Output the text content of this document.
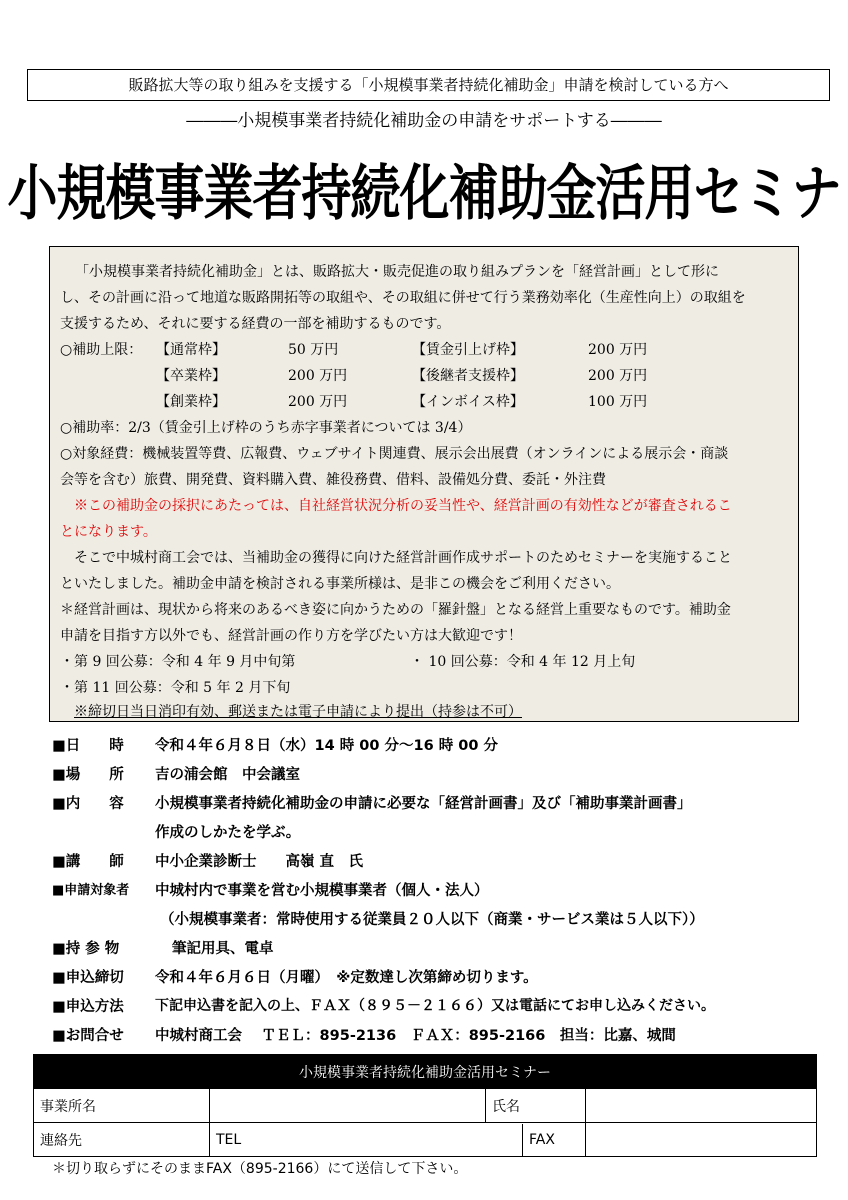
販路拡大等の取り組みを支援する「小規模事業者持続化補助金」申請を検討している方へ
―――小規模事業者持続化補助金の申請をサポートする―――
小規模事業者持続化補助金活用セミナ
　「小規模事業者持続化補助金」とは、販路拡大・販売促進の取り組みプランを「経営計画」として形に
し、その計画に沿って地道な販路開拓等の取組や、その取組に併せて行う業務効率化（生産性向上）の取組を
支援するため、それに要する経費の一部を補助するものです。
○補助上限： 【通常枠】	50 万円	【賃金引上げ枠】	200 万円
【卒業枠】	200 万円	【後継者支援枠】	200 万円
【創業枠】	200 万円	【インボイス枠】	100 万円
○補助率：2/3（賃金引上げ枠のうち赤字事業者については 3/4）
○対象経費：機械装置等費、広報費、ウェブサイト関連費、展示会出展費（オンラインによる展示会・商談
会等を含む）旅費、開発費、資料購入費、雑役務費、借料、設備処分費、委託・外注費
　※この補助金の採択にあたっては、自社経営状況分析の妥当性や、経営計画の有効性などが審査されるこ
とになります。
　そこで中城村商工会では、当補助金の獲得に向けた経営計画作成サポートのためセミナーを実施すること
といたしました。補助金申請を検討される事業所様は、是非この機会をご利用ください。
＊経営計画は、現状から将来のあるべき姿に向かうための「羅針盤」となる経営上重要なものです。補助金
申請を目指す方以外でも、経営計画の作り方を学びたい方は大歓迎です！
・第 9 回公募：令和 4 年 9 月中旬第	・ 10 回公募：令和 4 年 12 月上旬
・第 11 回公募：令和 5 年 2 月下旬
※締切日当日消印有効、郵送または電子申請により提出（持参は不可）
■日　　時 令和４年６月８日（水）14 時 00 分～16 時 00 分
■場　　所 吉の浦会館　中会議室
■内　　容 小規模事業者持続化補助金の申請に必要な「経営計画書」及び「補助事業計画書」
作成のしかたを学ぶ。
■講　　師 中小企業診断士　　高嶺 直　氏
■申請対象者 中城村内で事業を営む小規模事業者（個人・法人）
（小規模事業者：常時使用する従業員２０人以下（商業・サービス業は５人以下））
■持 参 物	筆記用具、電卓
■申込締切 令和４年６月６日（月曜）　※定数達し次第締め切ります。
■申込方法 下記申込書を記入の上、ＦＡＸ（８９５－２１６６）又は電話にてお申し込みください。
■お問合せ 中城村商工会　 ＴＥＬ：895-2136　ＦＡＸ：895-2166　担当：比嘉、城間
小規模事業者持続化補助金活用セミナー			
事業所名		氏名	
連絡先	TEL FAX		

＊切り取らずにそのままFAX（895-2166）にて送信して下さい。
